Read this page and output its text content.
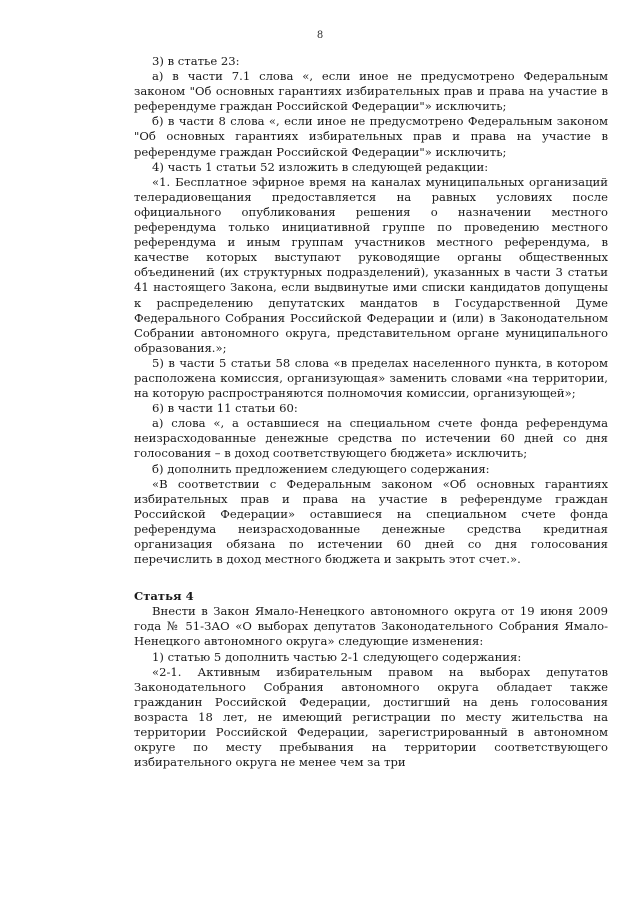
8

3) в статье 23:

а) в части 7.1 слова «, если иное не предусмотрено Федеральным законом "Об основных гарантиях избирательных прав и права на участие в референдуме граждан Российской Федерации"» исключить;

б) в части 8 слова «, если иное не предусмотрено Федеральным законом "Об основных гарантиях избирательных прав и права на участие в референдуме граждан Российской Федерации"» исключить;

4) часть 1 статьи 52 изложить в следующей редакции:

«1. Бесплатное эфирное время на каналах муниципальных организаций телерадиовещания предоставляется на равных условиях после официального опубликования решения о назначении местного референдума только инициативной группе по проведению местного референдума и иным группам участников местного референдума, в качестве которых выступают руководящие органы общественных объединений (их структурных подразделений), указанных в части 3 статьи 41 настоящего Закона, если выдвинутые ими списки кандидатов допущены к распределению депутатских мандатов в Государственной Думе Федерального Собрания Российской Федерации и (или) в Законодательном Собрании автономного округа, представительном органе муниципального образования.»;

5) в части 5 статьи 58 слова «в пределах населенного пункта, в котором расположена комиссия, организующая» заменить словами «на территории, на которую распространяются полномочия комиссии, организующей»;

6) в части 11 статьи 60:

а) слова «, а оставшиеся на специальном счете фонда референдума неизрасходованные денежные средства по истечении 60 дней со дня голосования – в доход соответствующего бюджета» исключить;

б) дополнить предложением следующего содержания:

«В соответствии с Федеральным законом «Об основных гарантиях избирательных прав и права на участие в референдуме граждан Российской Федерации» оставшиеся на специальном счете фонда референдума неизрасходованные денежные средства кредитная организация обязана по истечении 60 дней со дня голосования перечислить в доход местного бюджета и закрыть этот счет.».

Статья 4

Внести в Закон Ямало-Ненецкого автономного округа от 19 июня 2009 года № 51-ЗАО «О выборах депутатов Законодательного Собрания Ямало-Ненецкого автономного округа» следующие изменения:

1) статью 5 дополнить частью 2-1 следующего содержания:

«2-1. Активным избирательным правом на выборах депутатов Законодательного Собрания автономного округа обладает также гражданин Российской Федерации, достигший на день голосования возраста 18 лет, не имеющий регистрации по месту жительства на территории Российской Федерации, зарегистрированный в автономном округе по месту пребывания на территории соответствующего избирательного округа не менее чем за три
